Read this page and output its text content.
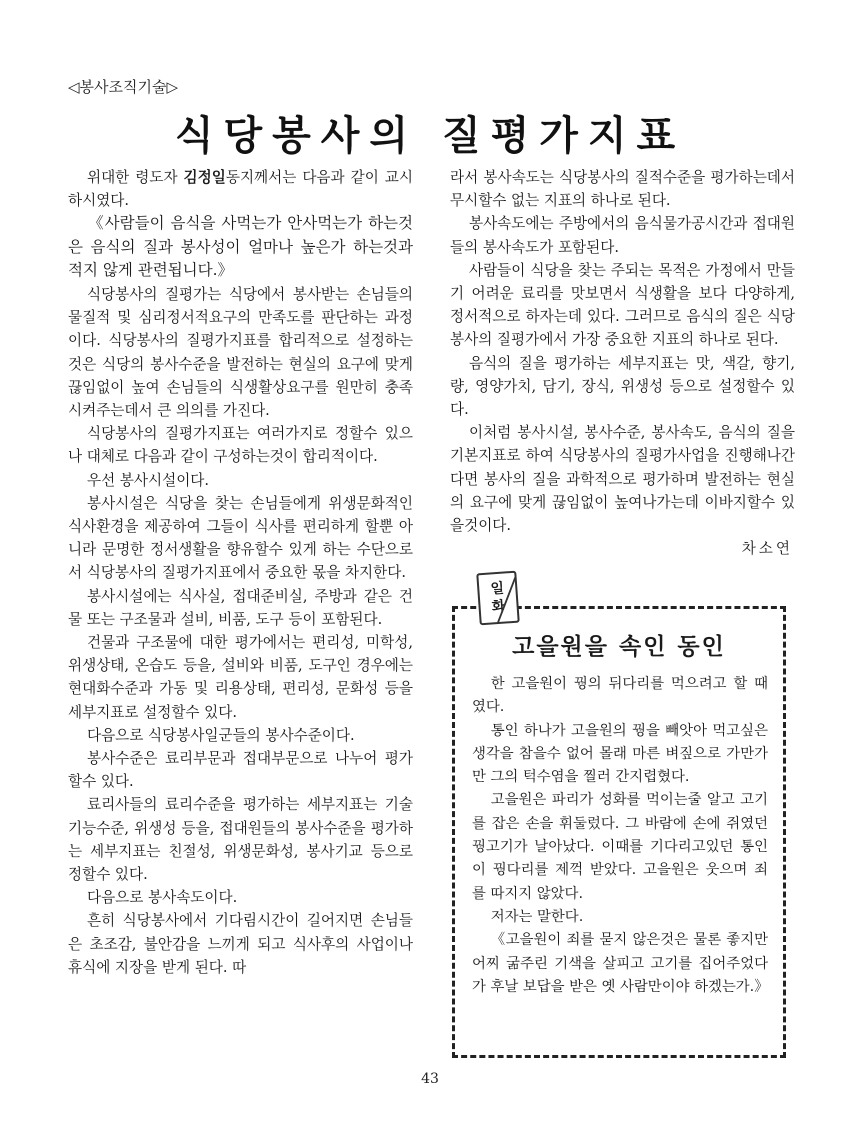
◁봉사조직기술▷
식당봉사의 질평가지표

위대한 령도자 김정일동지께서는 다음과 같이 교시하시였다.

《사람들이 음식을 사먹는가 안사먹는가 하는것은 음식의 질과 봉사성이 얼마나 높은가 하는것과 적지 않게 관련됩니다.》

식당봉사의 질평가는 식당에서 봉사받는 손님들의 물질적 및 심리정서적요구의 만족도를 판단하는 과정이다. 식당봉사의 질평가지표를 합리적으로 설정하는것은 식당의 봉사수준을 발전하는 현실의 요구에 맞게 끊임없이 높여 손님들의 식생활상요구를 원만히 충족시켜주는데서 큰 의의를 가진다.

식당봉사의 질평가지표는 여러가지로 정할수 있으나 대체로 다음과 같이 구성하는것이 합리적이다.

우선 봉사시설이다.

봉사시설은 식당을 찾는 손님들에게 위생문화적인 식사환경을 제공하여 그들이 식사를 편리하게 할뿐 아니라 문명한 정서생활을 향유할수 있게 하는 수단으로서 식당봉사의 질평가지표에서 중요한 몫을 차지한다.

봉사시설에는 식사실, 접대준비실, 주방과 같은 건물 또는 구조물과 설비, 비품, 도구 등이 포함된다.

건물과 구조물에 대한 평가에서는 편리성, 미학성, 위생상태, 온습도 등을, 설비와 비품, 도구인 경우에는 현대화수준과 가동 및 리용상태, 편리성, 문화성 등을 세부지표로 설정할수 있다.

다음으로 식당봉사일군들의 봉사수준이다.

봉사수준은 료리부문과 접대부문으로 나누어 평가할수 있다.

료리사들의 료리수준을 평가하는 세부지표는 기술기능수준, 위생성 등을, 접대원들의 봉사수준을 평가하는 세부지표는 친절성, 위생문화성, 봉사기교 등으로 정할수 있다.

다음으로 봉사속도이다.

흔히 식당봉사에서 기다림시간이 길어지면 손님들은 초조감, 불안감을 느끼게 되고 식사후의 사업이나 휴식에 지장을 받게 된다. 따

라서 봉사속도는 식당봉사의 질적수준을 평가하는데서 무시할수 없는 지표의 하나로 된다.

봉사속도에는 주방에서의 음식물가공시간과 접대원들의 봉사속도가 포함된다.

사람들이 식당을 찾는 주되는 목적은 가정에서 만들기 어려운 료리를 맛보면서 식생활을 보다 다양하게, 정서적으로 하자는데 있다. 그러므로 음식의 질은 식당봉사의 질평가에서 가장 중요한 지표의 하나로 된다.

음식의 질을 평가하는 세부지표는 맛, 색갈, 향기, 량, 영양가치, 담기, 장식, 위생성 등으로 설정할수 있다.

이처럼 봉사시설, 봉사수준, 봉사속도, 음식의 질을 기본지표로 하여 식당봉사의 질평가사업을 진행해나간다면 봉사의 질을 과학적으로 평가하며 발전하는 현실의 요구에 맞게 끊임없이 높여나가는데 이바지할수 있을것이다.

차소연

일
화
고을원을 속인 동인

한 고을원이 꿩의 뒤다리를 먹으려고 할 때였다.

통인 하나가 고을원의 꿩을 빼앗아 먹고싶은 생각을 참을수 없어 몰래 마른 벼짚으로 가만가만 그의 턱수염을 찔러 간지렵혔다.

고을원은 파리가 성화를 먹이는줄 알고 고기를 잡은 손을 휘둘렀다. 그 바람에 손에 쥐였던 꿩고기가 날아났다. 이때를 기다리고있던 통인이 꿩다리를 제꺽 받았다. 고을원은 웃으며 죄를 따지지 않았다.

저자는 말한다.

《고을원이 죄를 묻지 않은것은 물론 좋지만 어찌 굶주린 기색을 살피고 고기를 집어주었다가 후날 보답을 받은 옛 사람만이야 하겠는가.》

43
